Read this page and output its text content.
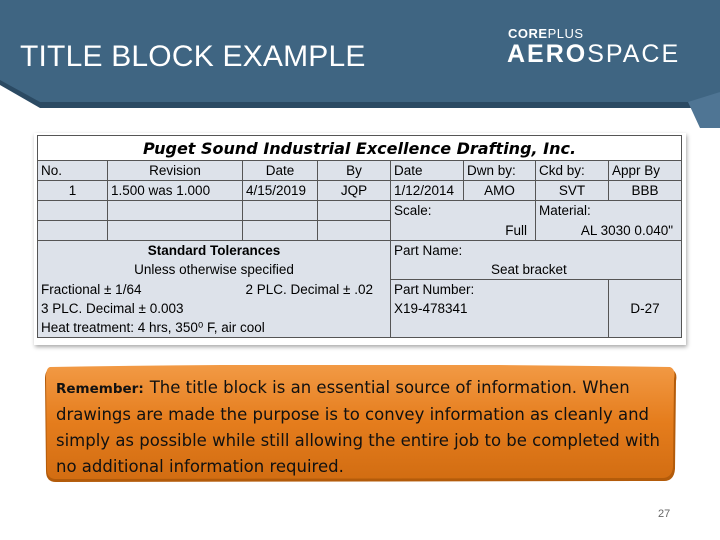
TITLE BLOCK EXAMPLE
COREPLUS
AEROSPACE
Puget Sound Industrial Excellence Drafting, Inc.							
No.	Revision	Date	By	Date	Dwn by:	Ckd by:	Appr By
1	1.500 was 1.000	4/15/2019	JQP	1/12/2014	AMO	SVT	BBB
				Scale:		Material:	
				Full		AL 3030 0.040"	
Standard Tolerances				Part Name:			
Unless otherwise specified				Seat bracket			
Fractional ± 1/64		2 PLC. Decimal ± .02		Part Number:			
3 PLC. Decimal ± 0.003				X19-478341			D-27
Heat treatment: 4 hrs, 350⁰ F, air cool							
Remember: The title block is an essential source of information. When drawings are made the purpose is to convey information as cleanly and simply as possible while still allowing the entire job to be completed with no additional information required.
27
